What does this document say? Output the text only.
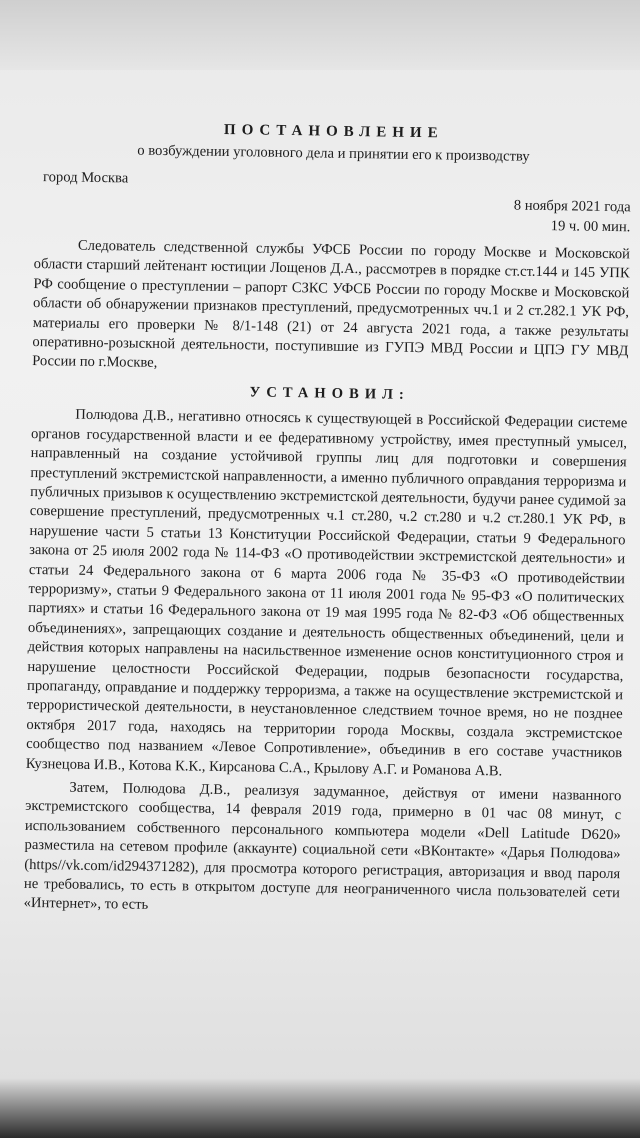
ПОСТАНОВЛЕНИЕ
о возбуждении уголовного дела и принятии его к производству
город Москва
8 ноября 2021 года
19 ч. 00 мин.

Следователь следственной службы УФСБ России по городу Москве и Московской области старший лейтенант юстиции Лощенов Д.А., рассмотрев в порядке ст.ст.144 и 145 УПК РФ сообщение о преступлении – рапорт СЗКС УФСБ России по городу Москве и Московской области об обнаружении признаков преступлений, предусмотренных чч.1 и 2 ст.282.1 УК РФ, материалы его проверки № 8/1-148 (21) от 24 августа 2021 года, а также результаты оперативно-розыскной деятельности, поступившие из ГУПЭ МВД России и ЦПЭ ГУ МВД России по г.Москве,

УСТАНОВИЛ:

Полюдова Д.В., негативно относясь к существующей в Российской Федерации системе органов государственной власти и ее федеративному устройству, имея преступный умысел, направленный на создание устойчивой группы лиц для подготовки и совершения преступлений экстремистской направленности, а именно публичного оправдания терроризма и публичных призывов к осуществлению экстремистской деятельности, будучи ранее судимой за совершение преступлений, предусмотренных ч.1 ст.280, ч.2 ст.280 и ч.2 ст.280.1 УК РФ, в нарушение части 5 статьи 13 Конституции Российской Федерации, статьи 9 Федерального закона от 25 июля 2002 года № 114-ФЗ «О противодействии экстремистской деятельности» и статьи 24 Федерального закона от 6 марта 2006 года № 35-ФЗ «О противодействии терроризму», статьи 9 Федерального закона от 11 июля 2001 года № 95-ФЗ «О политических партиях» и статьи 16 Федерального закона от 19 мая 1995 года № 82-ФЗ «Об общественных объединениях», запрещающих создание и деятельность общественных объединений, цели и действия которых направлены на насильственное изменение основ конституционного строя и нарушение целостности Российской Федерации, подрыв безопасности государства, пропаганду, оправдание и поддержку терроризма, а также на осуществление экстремистской и террористической деятельности, в неустановленное следствием точное время, но не позднее октября 2017 года, находясь на территории города Москвы, создала экстремистское сообщество под названием «Левое Сопротивление», объединив в его составе участников Кузнецова И.В., Котова К.К., Кирсанова С.А., Крылову А.Г. и Романова А.В.

Затем, Полюдова Д.В., реализуя задуманное, действуя от имени названного экстремистского сообщества, 14 февраля 2019 года, примерно в 01 час 08 минут, с использованием собственного персонального компьютера модели «Dell Latitude D620» разместила на сетевом профиле (аккаунте) социальной сети «ВКонтакте» «Дарья Полюдова» (https//vk.com/id294371282), для просмотра которого регистрация, авторизация и ввод пароля не требовались, то есть в открытом доступе для неограниченного числа пользователей сети «Интернет», то есть
